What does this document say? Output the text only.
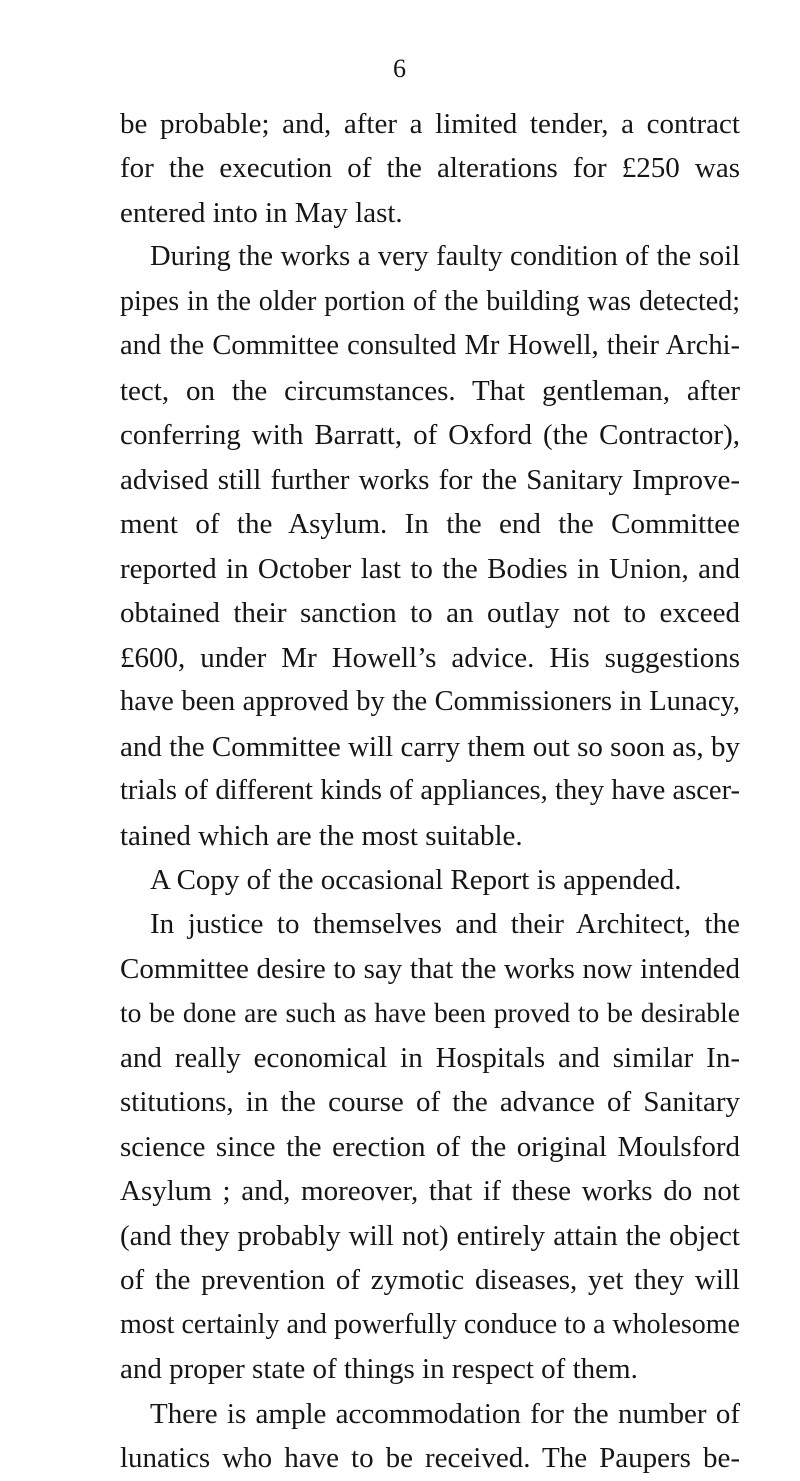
6
be probable; and, after a limited tender, a contract
for the execution of the alterations for £250 was
entered into in May last.
During the works a very faulty condition of the soil
pipes in the older portion of the building was detected;
and the Committee consulted Mr Howell, their Archi-
tect, on the circumstances. That gentleman, after
conferring with Barratt, of Oxford (the Contractor),
advised still further works for the Sanitary Improve-
ment of the Asylum. In the end the Committee
reported in October last to the Bodies in Union, and
obtained their sanction to an outlay not to exceed
£600, under Mr Howell’s advice. His suggestions
have been approved by the Commissioners in Lunacy,
and the Committee will carry them out so soon as, by
trials of different kinds of appliances, they have ascer-
tained which are the most suitable.
A Copy of the occasional Report is appended.
In justice to themselves and their Architect, the
Committee desire to say that the works now intended
to be done are such as have been proved to be desirable
and really economical in Hospitals and similar In-
stitutions, in the course of the advance of Sanitary
science since the erection of the original Moulsford
Asylum ; and, moreover, that if these works do not
(and they probably will not) entirely attain the object
of the prevention of zymotic diseases, yet they will
most certainly and powerfully conduce to a wholesome
and proper state of things in respect of them.
There is ample accommodation for the number of
lunatics who have to be received. The Paupers be-
